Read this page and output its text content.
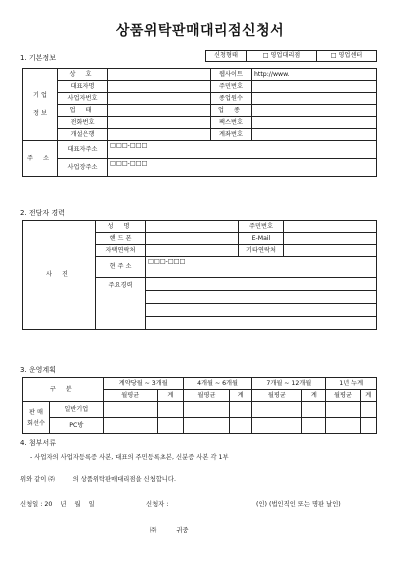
상품위탁판매대리점신청서
1. 기본정보	신청형태	□ 영업대리점	□ 영업센터
기 업

정 보	상 호		웹사이트	http://www.
	대표자명		주민번호	
	사업자번호		종업원수	
	업 태		업 종	
	전화번호		팩스번호	
	개설은행		계좌번호	
주 소	대표자주소	□□□-□□□		
	사업장주소	□□□-□□□		
2. 전담자 경력
사 진	성 명		주민번호	
	핸 드 폰		E-Mail	
	자택연락처		기타연락처	
	현 주 소	□□□-□□□		
	주요경력			

3. 운영계획
구 분		계약당월 ~ 3개월		4개월 ~ 6개월		7개월 ~ 12개월		1년 누계	
		월평균	계	월평균	계	월평균	계	월평균	계
판 매
회선수	일반기업								
	PC방								
4. 첨부서류
- 사업자의 사업자등록증 사본, 대표의 주민등록초본, 신분증 사본 각 1부
위와 같이 ㈜         의 상품위탁판매대리점을 신청합니다.
신청일 : 20    년    월    일	신청자 :	(인) (법인직인 또는 명판 날인)
㈜          귀중
